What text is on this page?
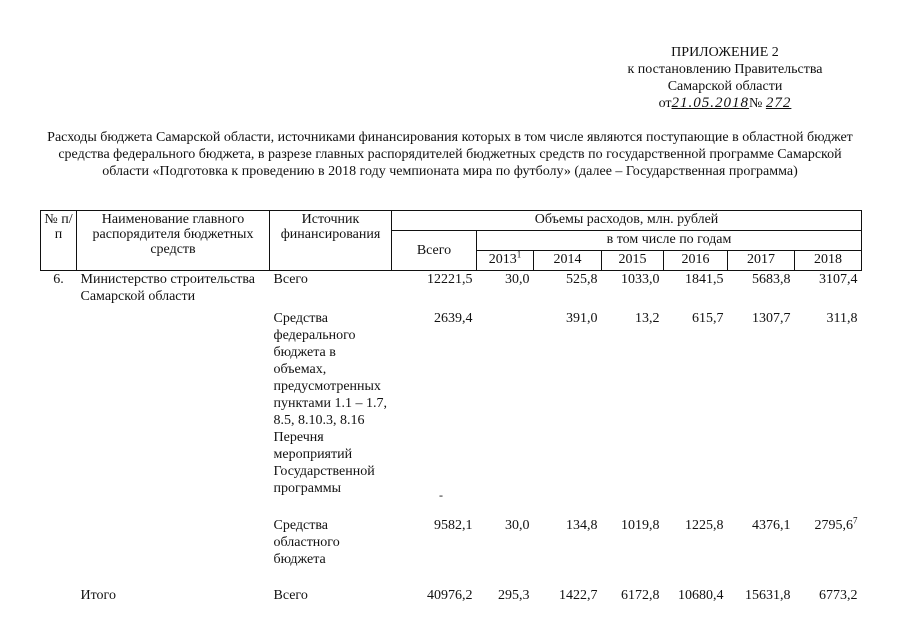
ПРИЛОЖЕНИЕ 2
к постановлению Правительства
Самарской области
от21.05.2018№ 272
Расходы бюджета Самарской области, источниками финансирования которых в том числе являются поступающие в областной бюджет средства федерального бюджета, в разрезе главных распорядителей бюджетных средств по государственной программе Самарской области «Подготовка к проведению в 2018 году чемпионата мира по футболу» (далее – Государственная программа)
№ п/п	Наименование главного распорядителя бюджетных средств	Источник финансирования	Объемы расходов, млн. рублей						
			Всего	в том числе по годам					
				2013$^1$	2014	2015	2016	2017	2018
6.	Министерство строительства Самарской области	Всего	12221,5	30,0	525,8	1033,0	1841,5	5683,8	3107,4
		Средства федерального бюджета в объемах, предусмотренных пунктами 1.1 – 1.7, 8.5, 8.10.3, 8.16 Перечня мероприятий Государственной программы	2639,4		391,0	13,2	615,7	1307,7	311,8
		Средства областного бюджета	9582,1	30,0	134,8	1019,8	1225,8	4376,1	2795,6$^7$
	Итого	Всего	40976,2	295,3	1422,7	6172,8	10680,4	15631,8	6773,2
-
